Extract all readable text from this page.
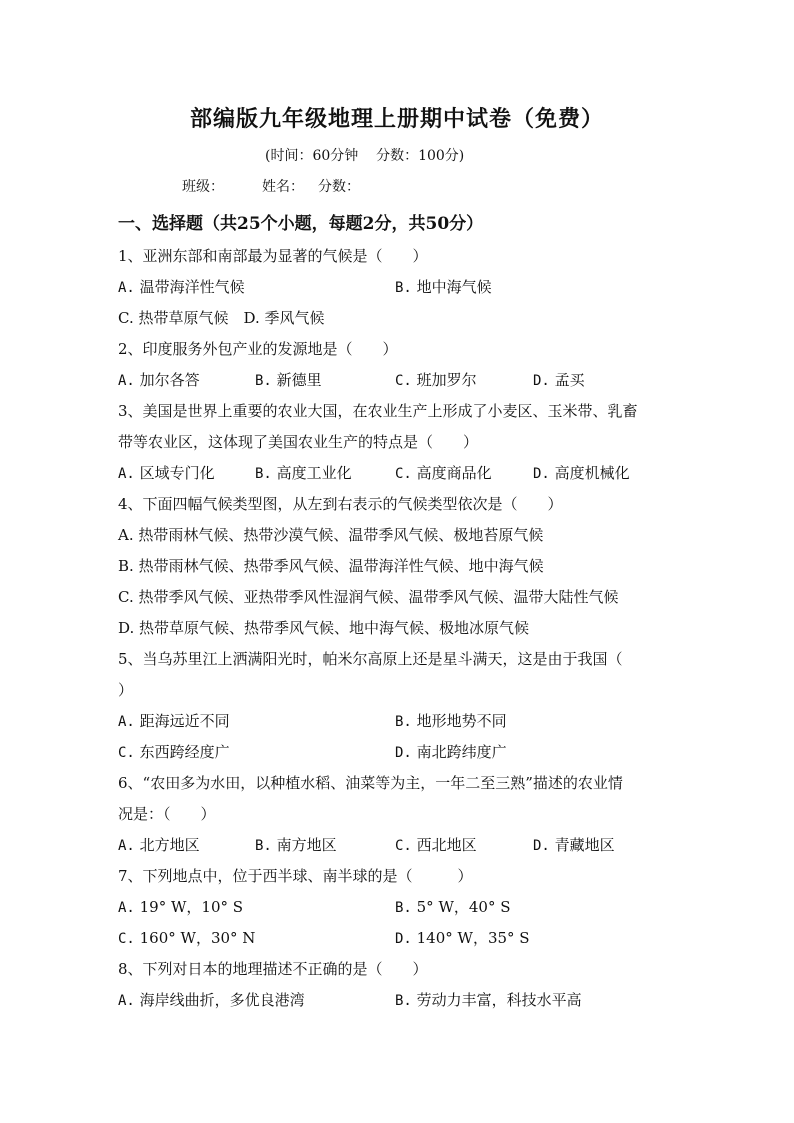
部编版九年级地理上册期中试卷（免费）
(时间：60分钟    分数：100分)
班级：	姓名： 分数：
一、选择题（共25个小题，每题2分，共50分）
1、亚洲东部和南部最为显著的气候是（　　）
A. 温带海洋性气候	B. 地中海气候
C. 热带草原气候　D. 季风气候
2、印度服务外包产业的发源地是（　　）
A. 加尔各答	B. 新德里	C. 班加罗尔	D. 孟买
3、美国是世界上重要的农业大国，在农业生产上形成了小麦区、玉米带、乳畜
带等农业区，这体现了美国农业生产的特点是（　　）
A. 区域专门化	B. 高度工业化	C. 高度商品化	D. 高度机械化
4、下面四幅气候类型图，从左到右表示的气候类型依次是（　　）
A. 热带雨林气候、热带沙漠气候、温带季风气候、极地苔原气候
B. 热带雨林气候、热带季风气候、温带海洋性气候、地中海气候
C. 热带季风气候、亚热带季风性湿润气候、温带季风气候、温带大陆性气候
D. 热带草原气候、热带季风气候、地中海气候、极地冰原气候
5、当乌苏里江上洒满阳光时，帕米尔高原上还是星斗满天，这是由于我国（
）
A. 距海远近不同	B. 地形地势不同
C. 东西跨经度广	D. 南北跨纬度广
6、“农田多为水田，以种植水稻、油菜等为主，一年二至三熟”描述的农业情
况是：（　　）
A. 北方地区	B. 南方地区	C. 西北地区	D. 青藏地区
7、下列地点中，位于西半球、南半球的是（　　　）
A. 19° W，10° S	B. 5° W，40° S
C. 160° W，30° N	D. 140° W，35° S
8、下列对日本的地理描述不正确的是（　　）
A. 海岸线曲折，多优良港湾	B. 劳动力丰富，科技水平高
